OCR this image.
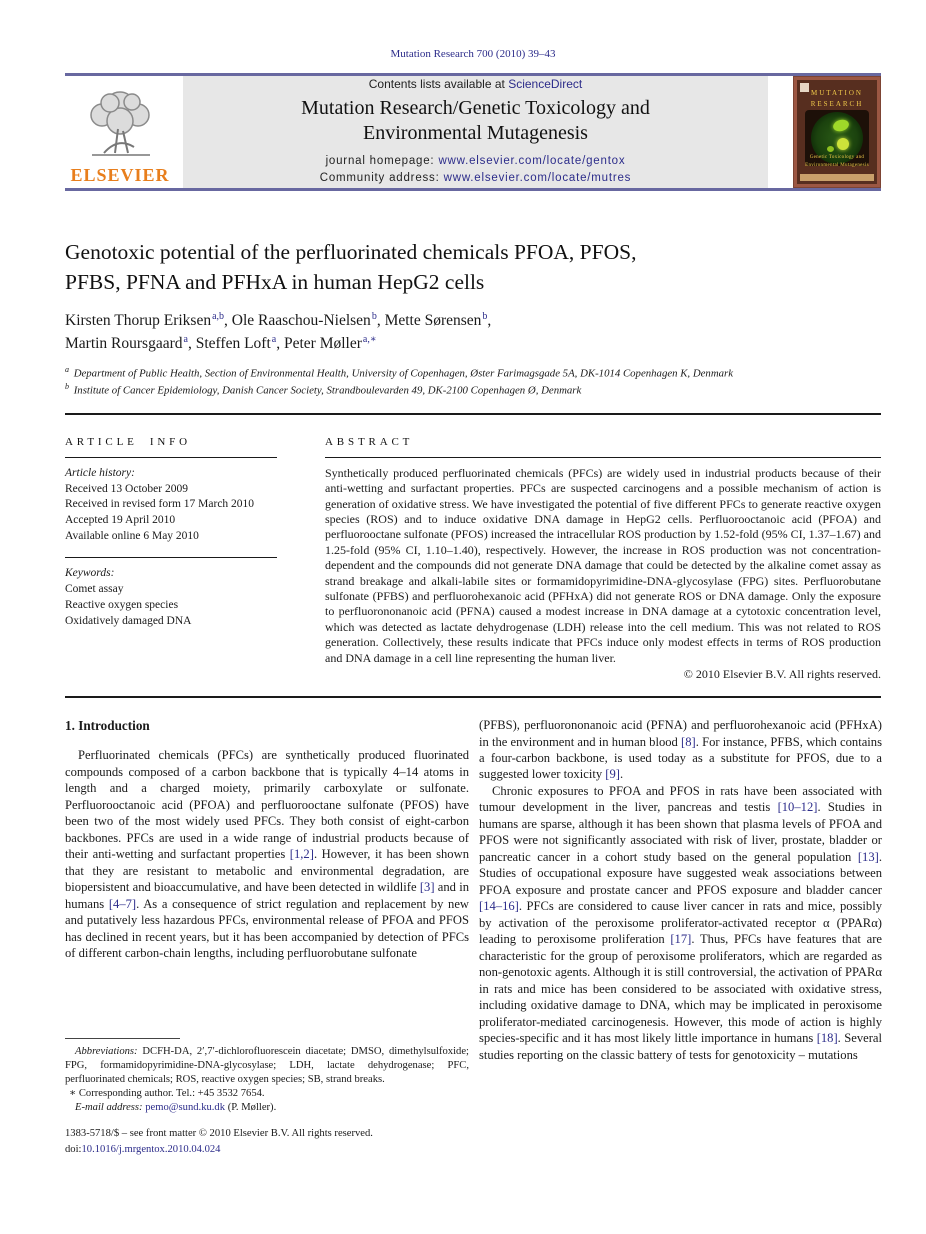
Mutation Research 700 (2010) 39–43
ELSEVIER
Contents lists available at ScienceDirect
Mutation Research/Genetic Toxicology and
Environmental Mutagenesis
journal homepage: www.elsevier.com/locate/gentox
Community address: www.elsevier.com/locate/mutres
MUTATION
RESEARCH
Genetic Toxicology and
Environmental Mutagenesis
Genotoxic potential of the perfluorinated chemicals PFOA, PFOS,
PFBS, PFNA and PFHxA in human HepG2 cells
Kirsten Thorup Eriksen$^{a,b}$, Ole Raaschou-Nielsen$^b$, Mette Sørensen$^b$,
Martin Roursgaard$^a$, Steffen Loft$^a$, Peter Møller$^{a,∗}$
$^a$ Department of Public Health, Section of Environmental Health, University of Copenhagen, Øster Farimagsgade 5A, DK-1014 Copenhagen K, Denmark
$^b$ Institute of Cancer Epidemiology, Danish Cancer Society, Strandboulevarden 49, DK-2100 Copenhagen Ø, Denmark
ARTICLE INFO
Article history:
Received 13 October 2009
Received in revised form 17 March 2010
Accepted 19 April 2010
Available online 6 May 2010
Keywords:
Comet assay
Reactive oxygen species
Oxidatively damaged DNA
ABSTRACT
Synthetically produced perfluorinated chemicals (PFCs) are widely used in industrial products because of their anti-wetting and surfactant properties. PFCs are suspected carcinogens and a possible mechanism of action is generation of oxidative stress. We have investigated the potential of five different PFCs to generate reactive oxygen species (ROS) and to induce oxidative DNA damage in HepG2 cells. Perfluorooctanoic acid (PFOA) and perfluorooctane sulfonate (PFOS) increased the intracellular ROS production by 1.52-fold (95% CI, 1.37–1.67) and 1.25-fold (95% CI, 1.10–1.40), respectively. However, the increase in ROS production was not concentration-dependent and the compounds did not generate DNA damage that could be detected by the alkaline comet assay as strand breakage and alkali-labile sites or formamidopyrimidine-DNA-glycosylase (FPG) sites. Perfluorobutane sulfonate (PFBS) and perfluorohexanoic acid (PFHxA) did not generate ROS or DNA damage. Only the exposure to perfluorononanoic acid (PFNA) caused a modest increase in DNA damage at a cytotoxic concentration level, which was detected as lactate dehydrogenase (LDH) release into the cell medium. This was not related to ROS generation. Collectively, these results indicate that PFCs induce only modest effects in terms of ROS production and DNA damage in a cell line representing the human liver.
© 2010 Elsevier B.V. All rights reserved.
1. Introduction

Perfluorinated chemicals (PFCs) are synthetically produced fluorinated compounds composed of a carbon backbone that is typically 4–14 atoms in length and a charged moiety, primarily carboxylate or sulfonate. Perfluorooctanoic acid (PFOA) and perfluorooctane sulfonate (PFOS) have been two of the most widely used PFCs. They both consist of eight-carbon backbones. PFCs are used in a wide range of industrial products because of their anti-wetting and surfactant properties [1,2]. However, it has been shown that they are resistant to metabolic and environmental degradation, are biopersistent and bioaccumulative, and have been detected in wildlife [3] and in humans [4–7]. As a consequence of strict regulation and replacement by new and putatively less hazardous PFCs, environmental release of PFOA and PFOS has declined in recent years, but it has been accompanied by detection of PFCs of different carbon-chain lengths, including perfluorobutane sulfonate

Abbreviations: DCFH-DA, 2′,7′-dichlorofluorescein diacetate; DMSO, dimethylsulfoxide; FPG, formamidopyrimidine-DNA-glycosylase; LDH, lactate dehydrogenase; PFC, perfluorinated chemicals; ROS, reactive oxygen species; SB, strand breaks.

∗ Corresponding author. Tel.: +45 3532 7654.

E-mail address: pemo@sund.ku.dk (P. Møller).

(PFBS), perfluorononanoic acid (PFNA) and perfluorohexanoic acid (PFHxA) in the environment and in human blood [8]. For instance, PFBS, which contains a four-carbon backbone, is used today as a substitute for PFOS, due to a suggested lower toxicity [9].

Chronic exposures to PFOA and PFOS in rats have been associated with tumour development in the liver, pancreas and testis [10–12]. Studies in humans are sparse, although it has been shown that plasma levels of PFOA and PFOS were not significantly associated with risk of liver, prostate, bladder or pancreatic cancer in a cohort study based on the general population [13]. Studies of occupational exposure have suggested weak associations between PFOA exposure and prostate cancer and PFOS exposure and bladder cancer [14–16]. PFCs are considered to cause liver cancer in rats and mice, possibly by activation of the peroxisome proliferator-activated receptor α (PPARα) leading to peroxisome proliferation [17]. Thus, PFCs have features that are characteristic for the group of peroxisome proliferators, which are regarded as non-genotoxic agents. Although it is still controversial, the activation of PPARα in rats and mice has been considered to be associated with oxidative stress, including oxidative damage to DNA, which may be implicated in peroxisome proliferator-mediated carcinogenesis. However, this mode of action is highly species-specific and it has most likely little importance in humans [18]. Several studies reporting on the classic battery of tests for genotoxicity – mutations

1383-5718/$ – see front matter © 2010 Elsevier B.V. All rights reserved.
doi:10.1016/j.mrgentox.2010.04.024
